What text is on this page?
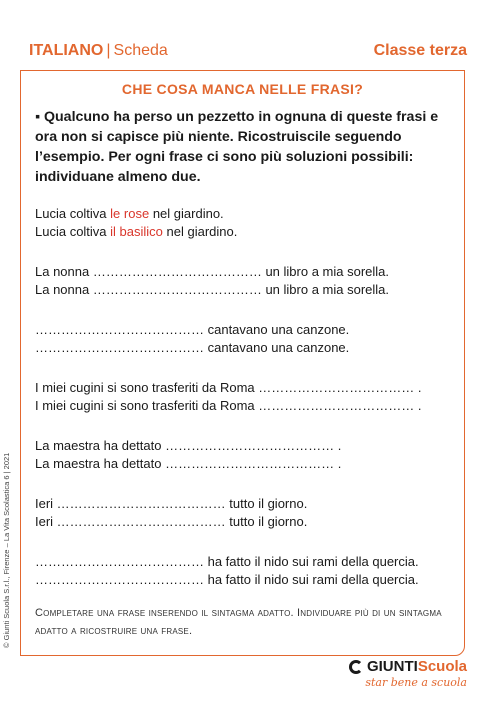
ITALIANO | Scheda	Classe terza
CHE COSA MANCA NELLE FRASI?
▪ Qualcuno ha perso un pezzetto in ognuna di queste frasi e ora non si capisce più niente. Ricostruiscile seguendo l’esempio. Per ogni frase ci sono più soluzioni possibili: individuane almeno due.
Lucia coltiva le rose nel giardino.
Lucia coltiva il basilico nel giardino.
La nonna ………………………………… un libro a mia sorella.
La nonna ………………………………… un libro a mia sorella.
………………………………… cantavano una canzone.
………………………………… cantavano una canzone.
I miei cugini si sono trasferiti da Roma ……………………………… .
I miei cugini si sono trasferiti da Roma ……………………………… .
La maestra ha dettato ………………………………… .
La maestra ha dettato ………………………………… .
Ieri ………………………………… tutto il giorno.
Ieri ………………………………… tutto il giorno.
………………………………… ha fatto il nido sui rami della quercia.
………………………………… ha fatto il nido sui rami della quercia.
Completare una frase inserendo il sintagma adatto. Individuare più di un sintagma adatto a ricostruire una frase.
© Giunti Scuola S.r.l., Firenze – La Vita Scolastica 6 | 2021
GIUNTIScuola
star bene a scuola
